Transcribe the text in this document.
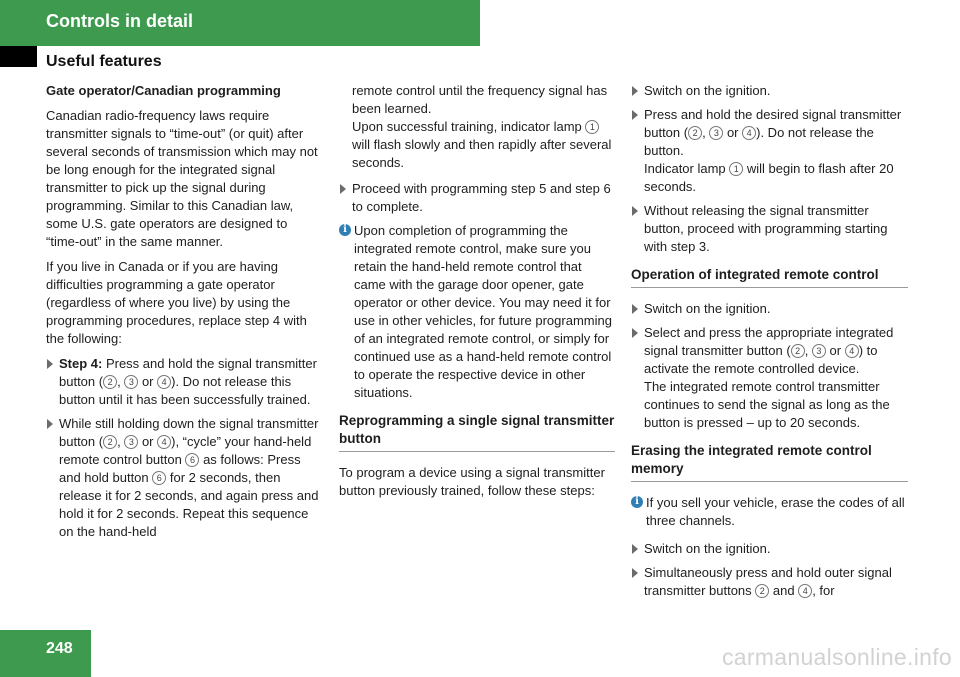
Controls in detail
Useful features

Gate operator/Canadian programming

Canadian radio-frequency laws require transmitter signals to “time-out” (or quit) after several seconds of transmission which may not be long enough for the integrated signal transmitter to pick up the signal during programming. Similar to this Canadian law, some U.S. gate operators are designed to “time-out” in the same manner.

If you live in Canada or if you are having difficulties programming a gate operator (regardless of where you live) by using the programming procedures, replace step 4 with the following:

Step 4: Press and hold the signal transmitter button ( 2 , 3 or 4 ). Do not release this button until it has been successfully trained.
While still holding down the signal transmitter button ( 2 , 3 or 4 ), “cycle” your hand-held remote control button 6 as follows: Press and hold button 6 for 2 seconds, then release it for 2 seconds, and again press and hold it for 2 seconds. Repeat this sequence on the hand-held
remote control until the frequency signal has been learned.
Upon successful training, indicator lamp 1 will flash slowly and then rapidly after several seconds.
Proceed with programming step 5 and step 6 to complete.
i Upon completion of programming the integrated remote control, make sure you retain the hand-held remote control that came with the garage door opener, gate operator or other device. You may need it for use in other vehicles, for future programming of an integrated remote control, or simply for continued use as a hand-held remote control to operate the respective device in other situations.
Reprogramming a single signal transmitter button

To program a device using a signal transmitter button previously trained, follow these steps:

Switch on the ignition.
Press and hold the desired signal transmitter button ( 2 , 3 or 4 ). Do not release the button.
Indicator lamp 1 will begin to flash after 20 seconds.
Without releasing the signal transmitter button, proceed with programming starting with step 3.
Operation of integrated remote control
Switch on the ignition.
Select and press the appropriate integrated signal transmitter button ( 2 , 3 or 4 ) to activate the remote controlled device.
The integrated remote control transmitter continues to send the signal as long as the button is pressed – up to 20 seconds.
Erasing the integrated remote control memory
i If you sell your vehicle, erase the codes of all three channels.
Switch on the ignition.
Simultaneously press and hold outer signal transmitter buttons 2 and 4 , for
248	carmanualsonline.info
